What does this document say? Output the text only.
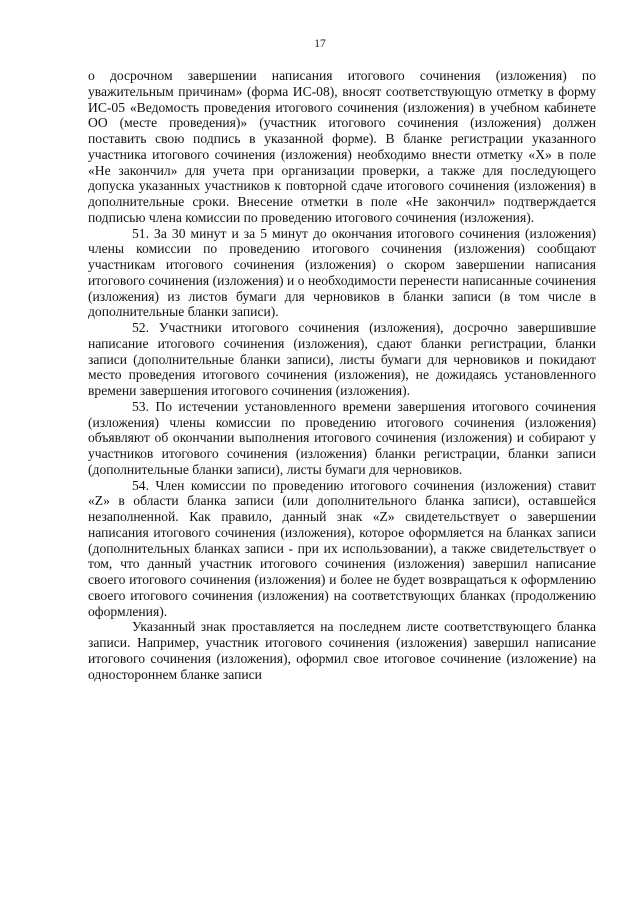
17

о досрочном завершении написания итогового сочинения (изложения) по уважительным причинам» (форма ИС-08), вносят соответствующую отметку в форму ИС-05 «Ведомость проведения итогового сочинения (изложения) в учебном кабинете ОО (месте проведения)» (участник итогового сочинения (изложения) должен поставить свою подпись в указанной форме). В бланке регистрации указанного участника итогового сочинения (изложения) необходимо внести отметку «X» в поле «Не закончил» для учета при организации проверки, а также для последующего допуска указанных участников к повторной сдаче итогового сочинения (изложения) в дополнительные сроки. Внесение отметки в поле «Не закончил» подтверждается подписью члена комиссии по проведению итогового сочинения (изложения).

51. За 30 минут и за 5 минут до окончания итогового сочинения (изложения) члены комиссии по проведению итогового сочинения (изложения) сообщают участникам итогового сочинения (изложения) о скором завершении написания итогового сочинения (изложения) и о необходимости перенести написанные сочинения (изложения) из листов бумаги для черновиков в бланки записи (в том числе в дополнительные бланки записи).

52. Участники итогового сочинения (изложения), досрочно завершившие написание итогового сочинения (изложения), сдают бланки регистрации, бланки записи (дополнительные бланки записи), листы бумаги для черновиков и покидают место проведения итогового сочинения (изложения), не дожидаясь установленного времени завершения итогового сочинения (изложения).

53. По истечении установленного времени завершения итогового сочинения (изложения) члены комиссии по проведению итогового сочинения (изложения) объявляют об окончании выполнения итогового сочинения (изложения) и собирают у участников итогового сочинения (изложения) бланки регистрации, бланки записи (дополнительные бланки записи), листы бумаги для черновиков.

54. Член комиссии по проведению итогового сочинения (изложения) ставит «Z» в области бланка записи (или дополнительного бланка записи), оставшейся незаполненной. Как правило, данный знак «Z» свидетельствует о завершении написания итогового сочинения (изложения), которое оформляется на бланках записи (дополнительных бланках записи - при их использовании), а также свидетельствует о том, что данный участник итогового сочинения (изложения) завершил написание своего итогового сочинения (изложения) и более не будет возвращаться к оформлению своего итогового сочинения (изложения) на соответствующих бланках (продолжению оформления).

Указанный знак проставляется на последнем листе соответствующего бланка записи. Например, участник итогового сочинения (изложения) завершил написание итогового сочинения (изложения), оформил свое итоговое сочинение (изложение) на одностороннем бланке записи
